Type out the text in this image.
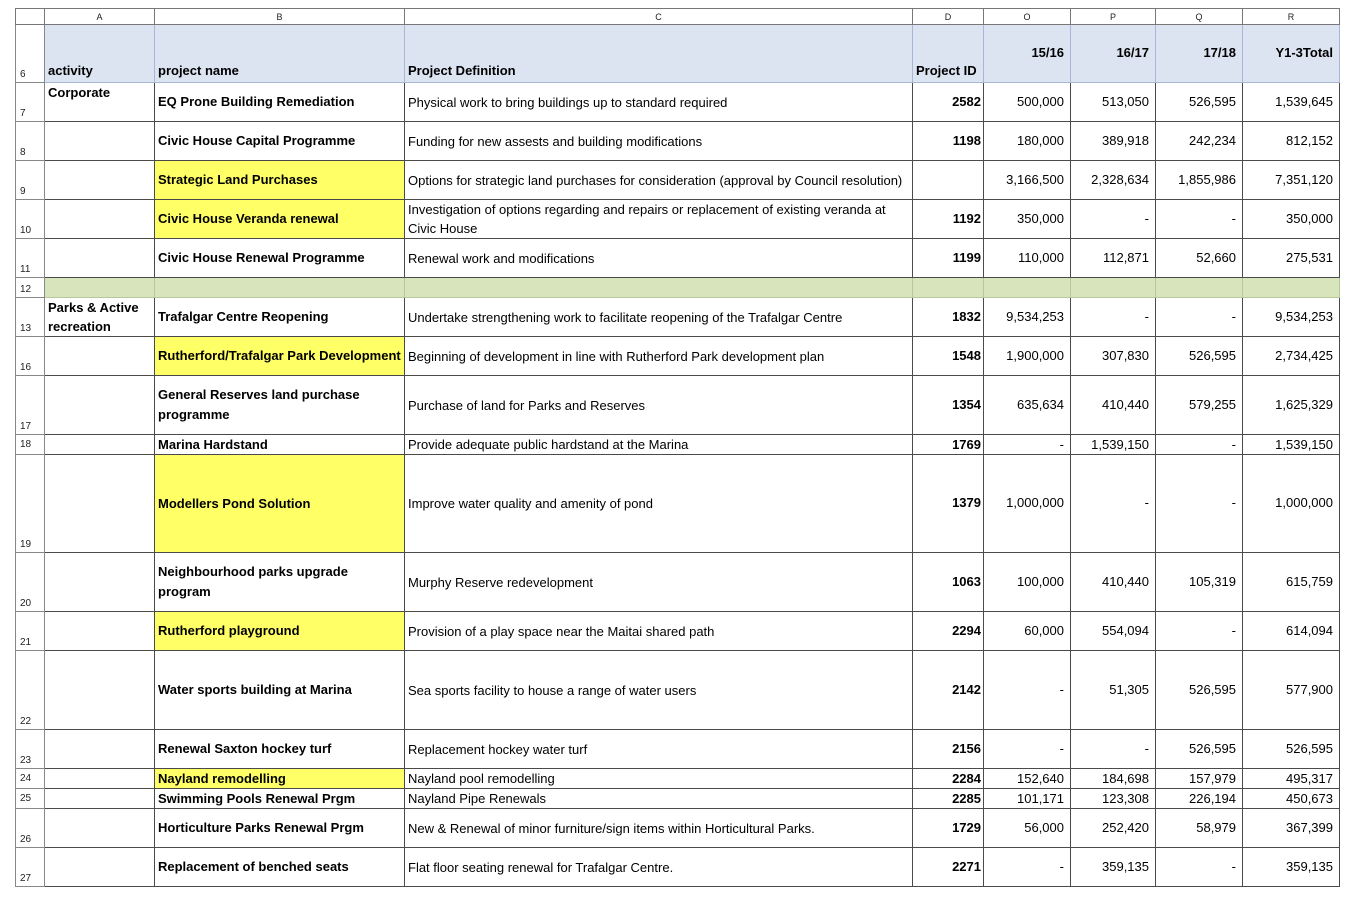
	A	B	C	D	O	P	Q	R
6	activity	project name	Project Definition	Project ID	15/16	16/17	17/18	Y1-3Total
7	Corporate	EQ Prone Building Remediation	Physical work to bring buildings up to standard required	2582	500,000	513,050	526,595	1,539,645
8		Civic House Capital Programme	Funding for new assests and building modifications	1198	180,000	389,918	242,234	812,152
9		Strategic Land Purchases	Options for strategic land purchases for consideration (approval by Council resolution)		3,166,500	2,328,634	1,855,986	7,351,120
10		Civic House Veranda renewal	Investigation of options regarding and repairs or replacement of existing veranda at Civic House	1192	350,000	-	-	350,000
11		Civic House Renewal Programme	Renewal work and modifications	1199	110,000	112,871	52,660	275,531
12								
13	Parks & Active recreation	Trafalgar Centre Reopening	Undertake strengthening work to facilitate reopening of the Trafalgar Centre	1832	9,534,253	-	-	9,534,253
16		Rutherford/Trafalgar Park Development	Beginning of development in line with Rutherford Park development plan	1548	1,900,000	307,830	526,595	2,734,425
17		General Reserves land purchase programme	Purchase of land for Parks and Reserves	1354	635,634	410,440	579,255	1,625,329
18		Marina Hardstand	Provide adequate public hardstand at the Marina	1769	-	1,539,150	-	1,539,150
19		Modellers Pond Solution	Improve water quality and amenity of pond	1379	1,000,000	-	-	1,000,000
20		Neighbourhood parks upgrade program	Murphy Reserve redevelopment	1063	100,000	410,440	105,319	615,759
21		Rutherford playground	Provision of a play space near the Maitai shared path	2294	60,000	554,094	-	614,094
22		Water sports building at Marina	Sea sports facility to house a range of water users	2142	-	51,305	526,595	577,900
23		Renewal Saxton hockey turf	Replacement hockey water turf	2156	-	-	526,595	526,595
24		Nayland remodelling	Nayland pool remodelling	2284	152,640	184,698	157,979	495,317
25		Swimming Pools Renewal Prgm	Nayland Pipe Renewals	2285	101,171	123,308	226,194	450,673
26		Horticulture Parks Renewal Prgm	New & Renewal of minor furniture/sign items within Horticultural Parks.	1729	56,000	252,420	58,979	367,399
27		Replacement of benched seats	Flat floor seating renewal for Trafalgar Centre.	2271	-	359,135	-	359,135
